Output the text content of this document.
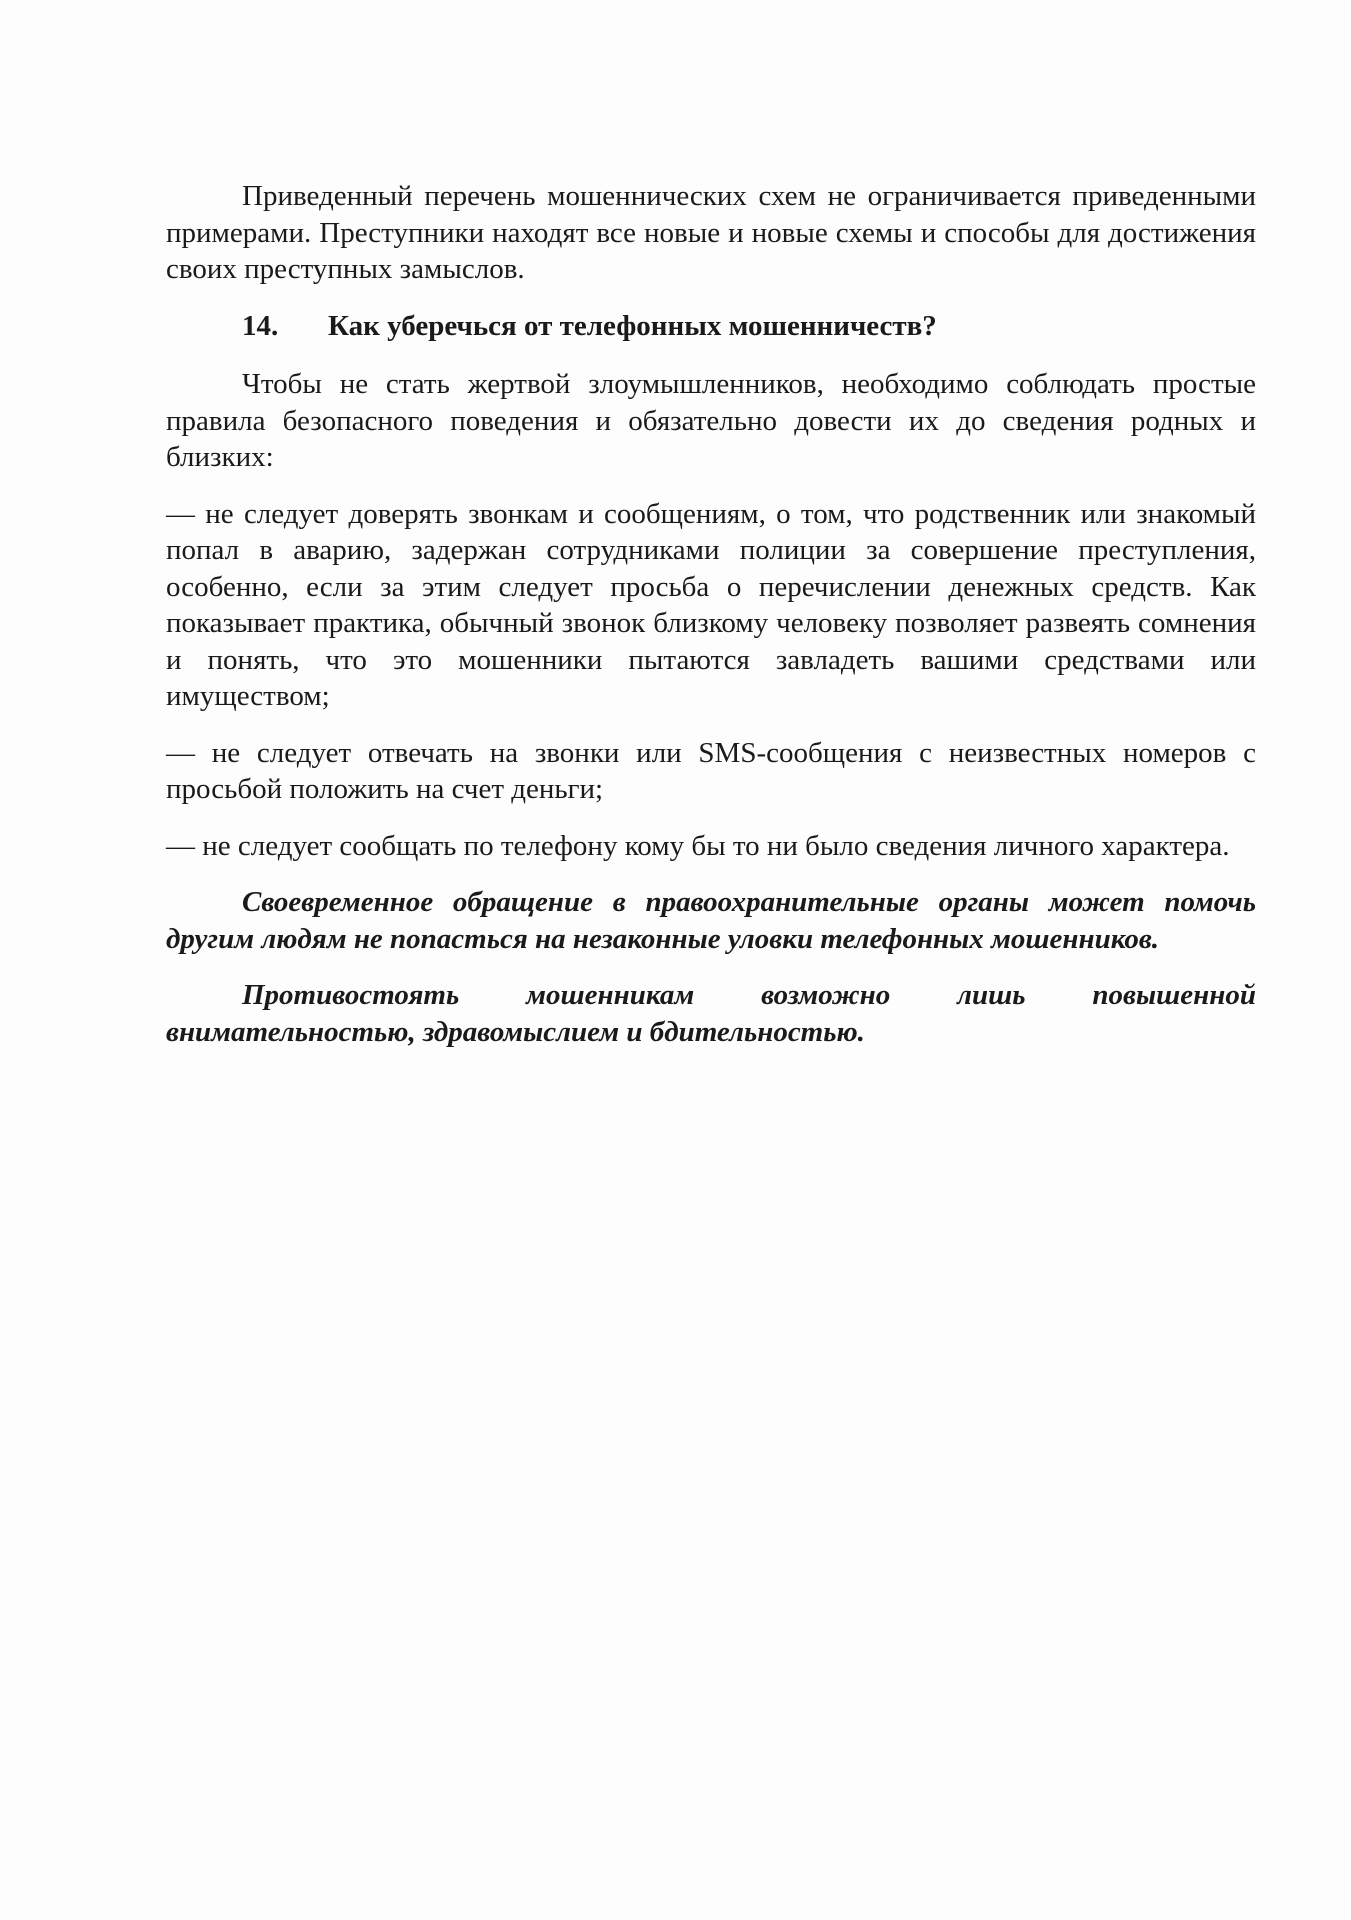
Приведенный перечень мошеннических схем не ограничивается приведенными примерами. Преступники находят все новые и новые схемы и способы для достижения своих преступных замыслов.

14. Как уберечься от телефонных мошенничеств?

Чтобы не стать жертвой злоумышленников, необходимо соблюдать простые правила безопасного поведения и обязательно довести их до сведения родных и близких:

— не следует доверять звонкам и сообщениям, о том, что родственник или знакомый попал в аварию, задержан сотрудниками полиции за совершение преступления, особенно, если за этим следует просьба о перечислении денежных средств. Как показывает практика, обычный звонок близкому человеку позволяет развеять сомнения и понять, что это мошенники пытаются завладеть вашими средствами или имуществом;

— не следует отвечать на звонки или SMS-сообщения с неизвестных номеров с просьбой положить на счет деньги;

— не следует сообщать по телефону кому бы то ни было сведения личного характера.

Своевременное обращение в правоохранительные органы может помочь другим людям не попасться на незаконные уловки телефонных мошенников.

Противостоять мошенникам возможно лишь повышенной внимательностью, здравомыслием и бдительностью.
